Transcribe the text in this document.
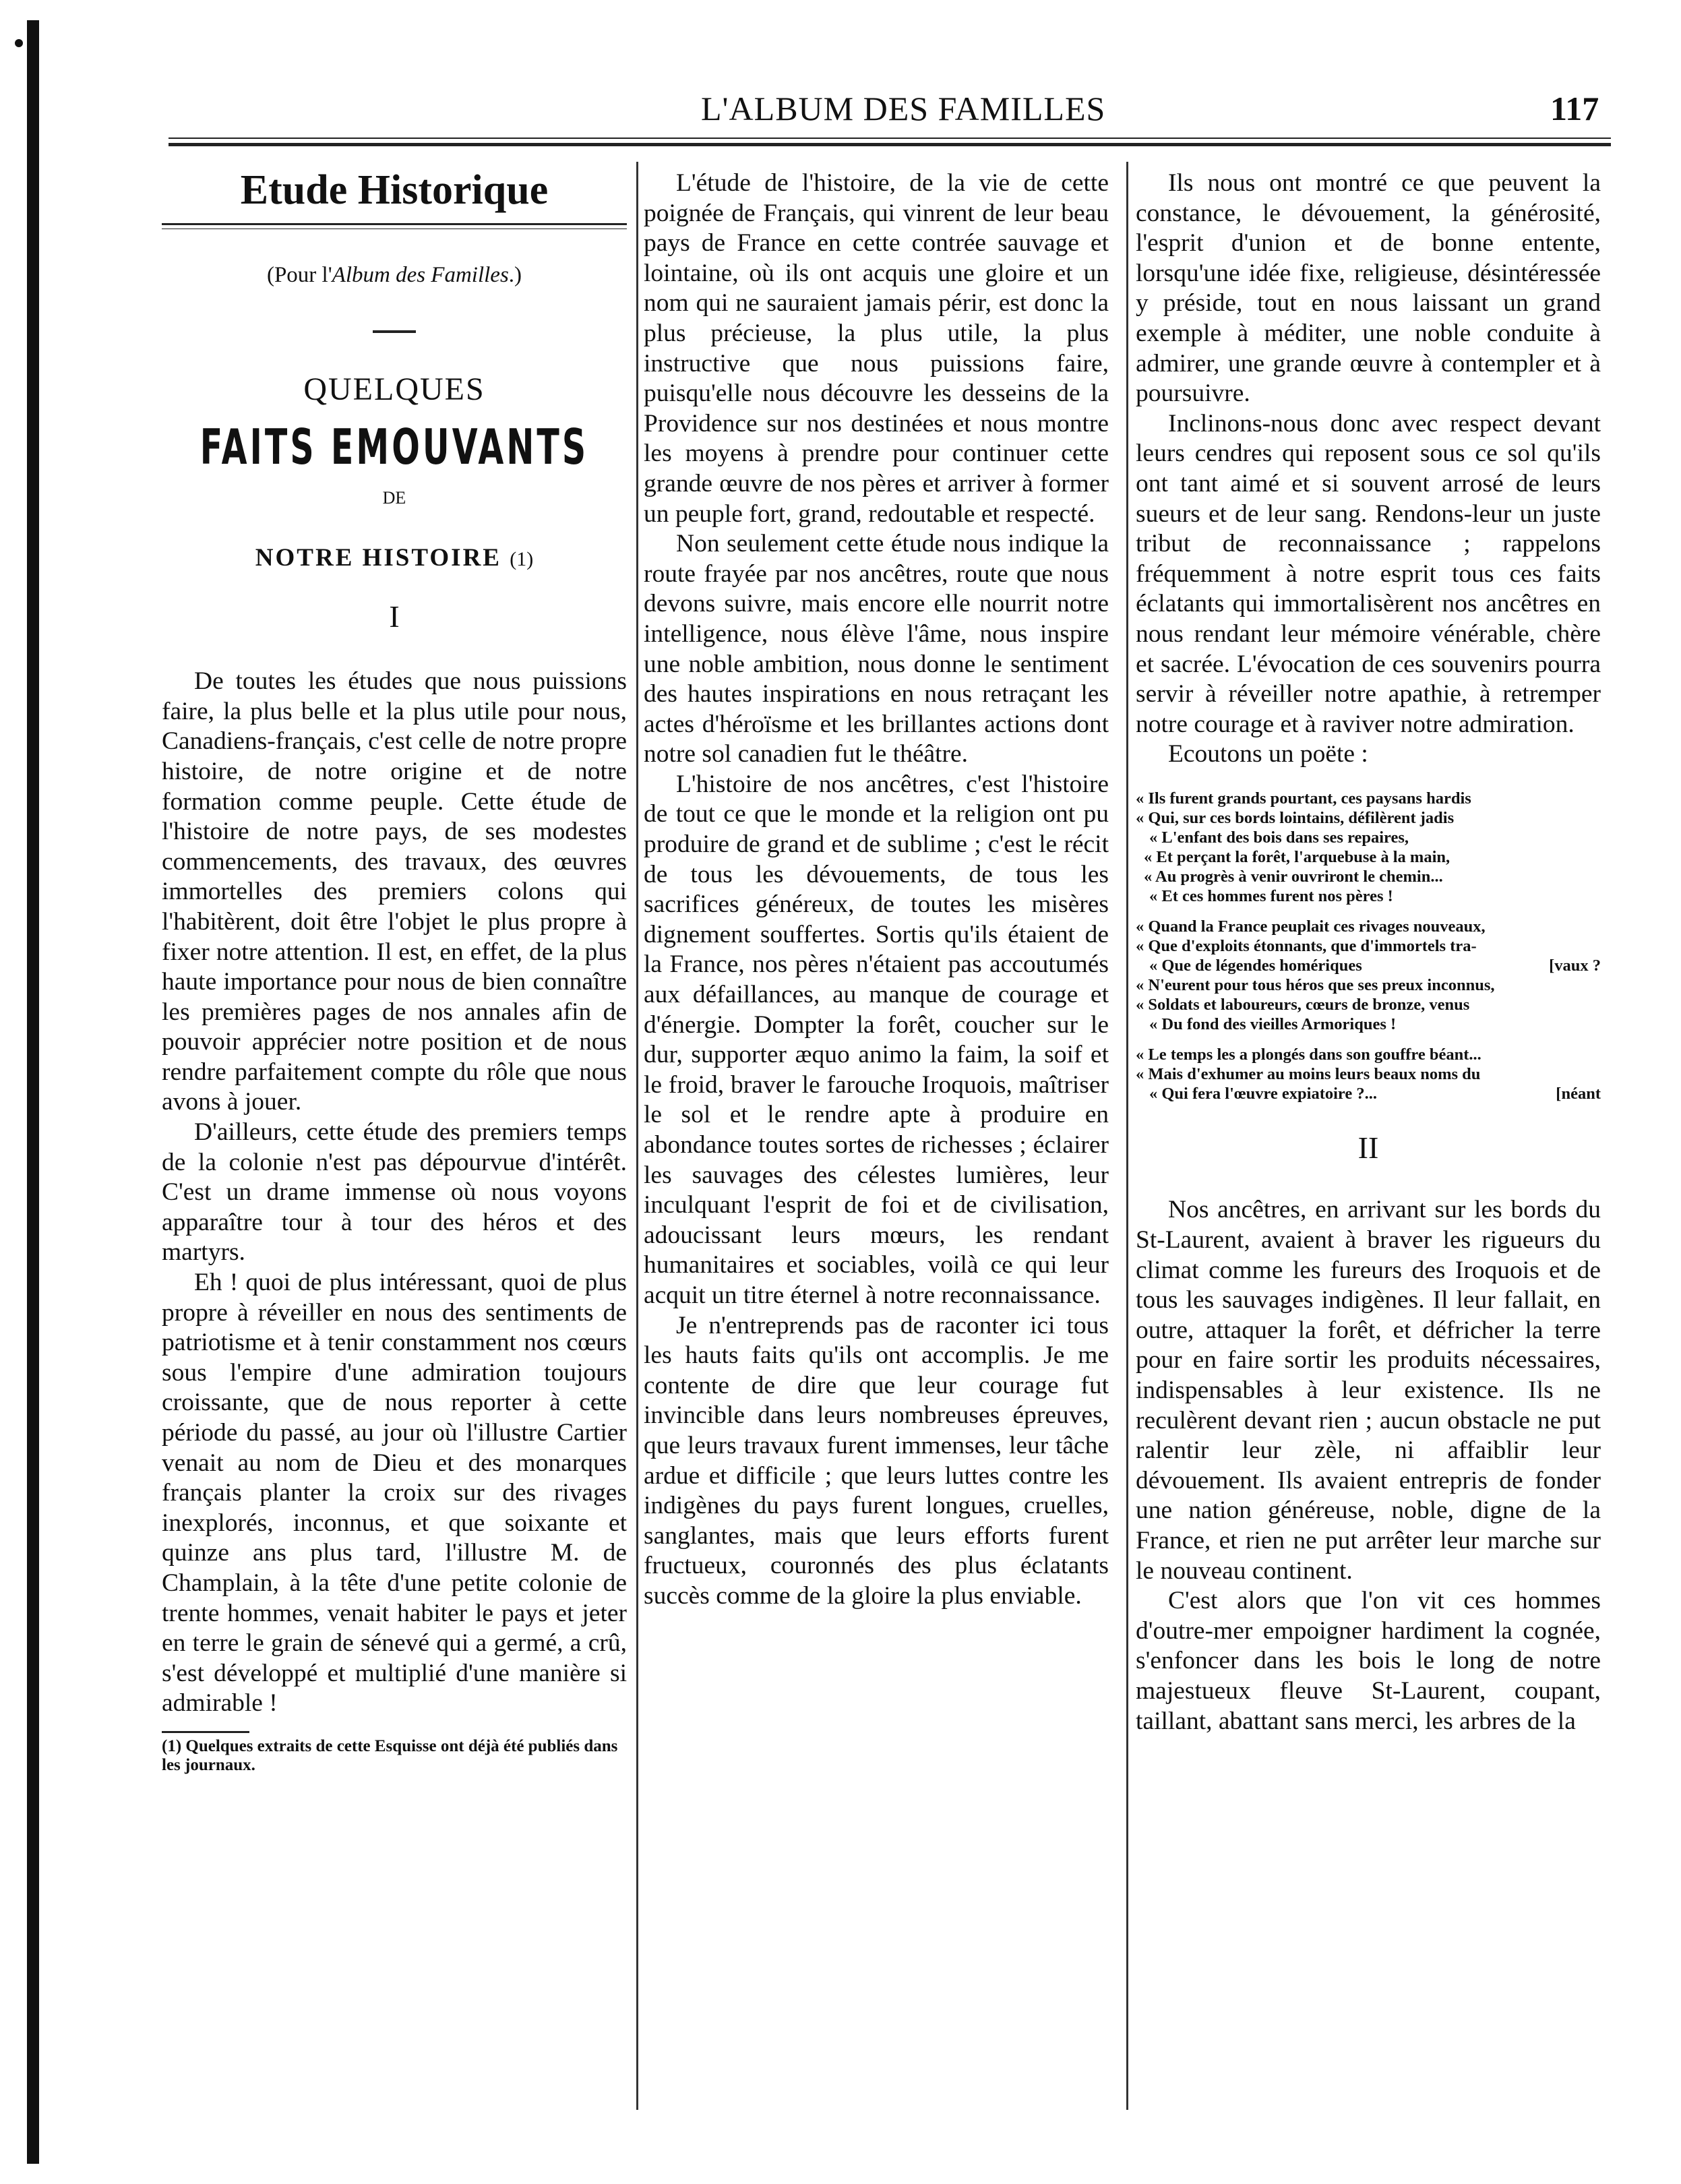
L'ALBUM DES FAMILLES	117
Etude Historique
(Pour l'Album des Familles.)
QUELQUES
FAITS EMOUVANTS
DE
NOTRE HISTOIRE (1)
I

De toutes les études que nous puissions faire, la plus belle et la plus utile pour nous, Canadiens-français, c'est celle de notre propre histoire, de notre origine et de notre formation comme peuple. Cette étude de l'histoire de notre pays, de ses modestes commencements, des travaux, des œuvres immortelles des premiers colons qui l'habitèrent, doit être l'objet le plus propre à fixer notre attention. Il est, en effet, de la plus haute importance pour nous de bien connaître les premières pages de nos annales afin de pouvoir apprécier notre position et de nous rendre parfaitement compte du rôle que nous avons à jouer.

D'ailleurs, cette étude des premiers temps de la colonie n'est pas dépourvue d'intérêt. C'est un drame immense où nous voyons apparaître tour à tour des héros et des martyrs.

Eh ! quoi de plus intéressant, quoi de plus propre à réveiller en nous des sentiments de patriotisme et à tenir constamment nos cœurs sous l'empire d'une admiration toujours croissante, que de nous reporter à cette période du passé, au jour où l'illustre Cartier venait au nom de Dieu et des monarques français planter la croix sur des rivages inexplorés, inconnus, et que soixante et quinze ans plus tard, l'illustre M. de Champlain, à la tête d'une petite colonie de trente hommes, venait habiter le pays et jeter en terre le grain de sénevé qui a germé, a crû, s'est développé et multiplié d'une manière si admirable !

(1) Quelques extraits de cette Esquisse ont déjà été publiés dans les journaux.

L'étude de l'histoire, de la vie de cette poignée de Français, qui vinrent de leur beau pays de France en cette contrée sauvage et lointaine, où ils ont acquis une gloire et un nom qui ne sauraient jamais périr, est donc la plus précieuse, la plus utile, la plus instructive que nous puissions faire, puisqu'elle nous découvre les desseins de la Providence sur nos destinées et nous montre les moyens à prendre pour continuer cette grande œuvre de nos pères et arriver à former un peuple fort, grand, redoutable et respecté.

Non seulement cette étude nous indique la route frayée par nos ancêtres, route que nous devons suivre, mais encore elle nourrit notre intelligence, nous élève l'âme, nous inspire une noble ambition, nous donne le sentiment des hautes inspirations en nous retraçant les actes d'héroïsme et les brillantes actions dont notre sol canadien fut le théâtre.

L'histoire de nos ancêtres, c'est l'histoire de tout ce que le monde et la religion ont pu produire de grand et de sublime ; c'est le récit de tous les dévouements, de tous les sacrifices généreux, de toutes les misères dignement souffertes. Sortis qu'ils étaient de la France, nos pères n'étaient pas accoutumés aux défaillances, au manque de courage et d'énergie. Dompter la forêt, coucher sur le dur, supporter æquo animo la faim, la soif et le froid, braver le farouche Iroquois, maîtriser le sol et le rendre apte à produire en abondance toutes sortes de richesses ; éclairer les sauvages des célestes lumières, leur inculquant l'esprit de foi et de civilisation, adoucissant leurs mœurs, les rendant humanitaires et sociables, voilà ce qui leur acquit un titre éternel à notre reconnaissance.

Je n'entreprends pas de raconter ici tous les hauts faits qu'ils ont accomplis. Je me contente de dire que leur courage fut invincible dans leurs nombreuses épreuves, que leurs travaux furent immenses, leur tâche ardue et difficile ; que leurs luttes contre les indigènes du pays furent longues, cruelles, sanglantes, mais que leurs efforts furent fructueux, couronnés des plus éclatants succès comme de la gloire la plus enviable.

Ils nous ont montré ce que peuvent la constance, le dévouement, la générosité, l'esprit d'union et de bonne entente, lorsqu'une idée fixe, religieuse, désintéressée y préside, tout en nous laissant un grand exemple à méditer, une noble conduite à admirer, une grande œuvre à contempler et à poursuivre.

Inclinons-nous donc avec respect devant leurs cendres qui reposent sous ce sol qu'ils ont tant aimé et si souvent arrosé de leurs sueurs et de leur sang. Rendons-leur un juste tribut de reconnaissance ; rappelons fréquemment à notre esprit tous ces faits éclatants qui immortalisèrent nos ancêtres en nous rendant leur mémoire vénérable, chère et sacrée. L'évocation de ces souvenirs pourra servir à réveiller notre apathie, à retremper notre courage et à raviver notre admiration.

Ecoutons un poëte :

« Ils furent grands pourtant, ces paysans hardis
« Qui, sur ces bords lointains, défilèrent jadis
« L'enfant des bois dans ses repaires,
« Et perçant la forêt, l'arquebuse à la main,
« Au progrès à venir ouvriront le chemin...
« Et ces hommes furent nos pères !
« Quand la France peuplait ces rivages nouveaux,
« Que d'exploits étonnants, que d'immortels tra-
« Que de légendes homériques	[vaux ?
« N'eurent pour tous héros que ses preux inconnus,
« Soldats et laboureurs, cœurs de bronze, venus
« Du fond des vieilles Armoriques !
« Le temps les a plongés dans son gouffre béant...
« Mais d'exhumer au moins leurs beaux noms du
« Qui fera l'œuvre expiatoire ?...	[néant
II

Nos ancêtres, en arrivant sur les bords du St-Laurent, avaient à braver les rigueurs du climat comme les fureurs des Iroquois et de tous les sauvages indigènes. Il leur fallait, en outre, attaquer la forêt, et défricher la terre pour en faire sortir les produits nécessaires, indispensables à leur existence. Ils ne reculèrent devant rien ; aucun obstacle ne put ralentir leur zèle, ni affaiblir leur dévouement. Ils avaient entrepris de fonder une nation généreuse, noble, digne de la France, et rien ne put arrêter leur marche sur le nouveau continent.

C'est alors que l'on vit ces hommes d'outre-mer empoigner hardiment la cognée, s'enfoncer dans les bois le long de notre majestueux fleuve St-Laurent, coupant, taillant, abattant sans merci, les arbres de la
